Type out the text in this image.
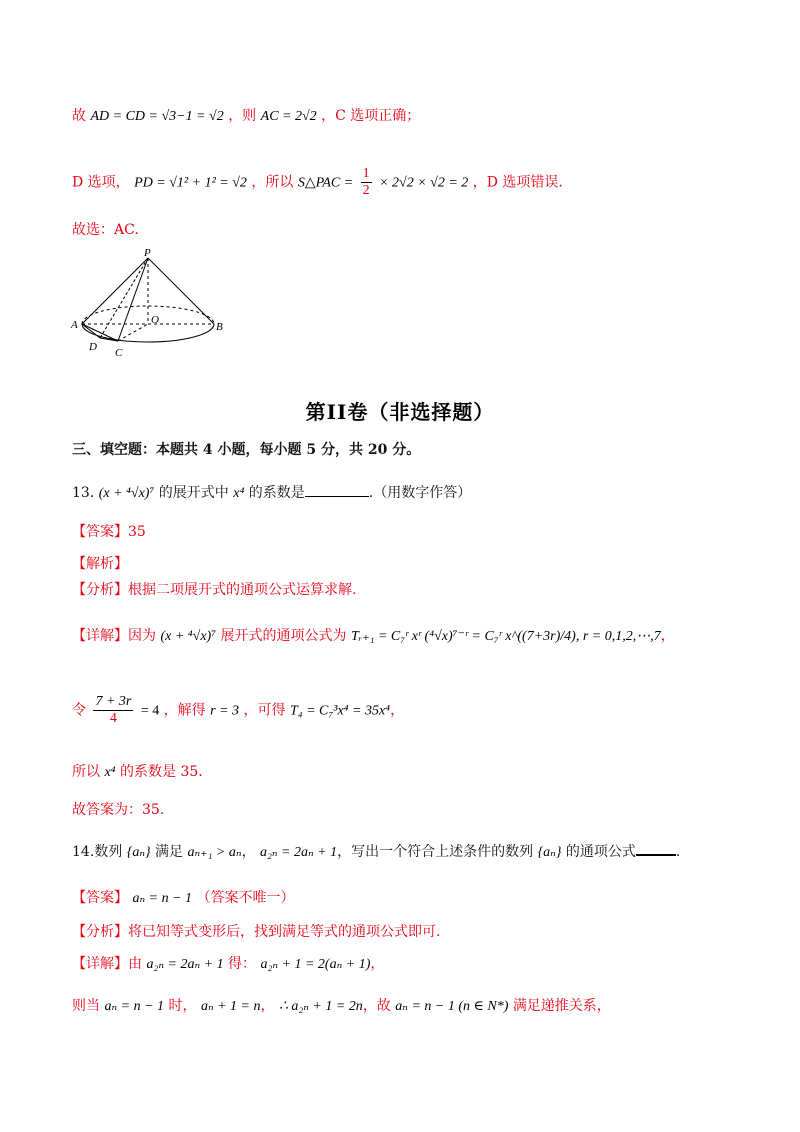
故 AD = CD = √3−1 = √2 ，则 AC = 2√2 ，C 选项正确；
D 选项， PD = √1² + 1² = √2 ，所以 S△PAC = $\frac{1}{2} \times 2√2 \times √2 = 2$ ，D 选项错误.
故选：AC.
P
A	O
B
D C
第II卷（非选择题）
三、填空题：本题共 4 小题，每小题 5 分，共 20 分。
13. (x + ⁴√x)⁷ 的展开式中 x⁴ 的系数是	.（用数字作答）
【答案】35
【解析】
【分析】根据二项展开式的通项公式运算求解.
【详解】因为 (x + ⁴√x)⁷ 展开式的通项公式为 Tᵣ₊₁ = C₇ʳ xʳ (⁴√x)⁷⁻ʳ = C₇ʳ x^((7+3r)/4), r = 0,1,2,⋯,7，
令 $\frac{7 + 3r}{4} = 4$ ，解得 r = 3 ，可得 T₄ = C₇³x⁴ = 35x⁴，
所以 x⁴ 的系数是 35.
故答案为：35.
14.数列 {aₙ} 满足 aₙ₊₁ > aₙ， a₂ₙ = 2aₙ + 1，写出一个符合上述条件的数列 {aₙ} 的通项公式	.
【答案】 aₙ = n − 1 （答案不唯一）
【分析】将已知等式变形后，找到满足等式的通项公式即可.
【详解】由 a₂ₙ = 2aₙ + 1 得： a₂ₙ + 1 = 2(aₙ + 1)，
则当 aₙ = n − 1 时， aₙ + 1 = n， ∴ a₂ₙ + 1 = 2n，故 aₙ = n − 1 (n ∈ N*) 满足递推关系，
